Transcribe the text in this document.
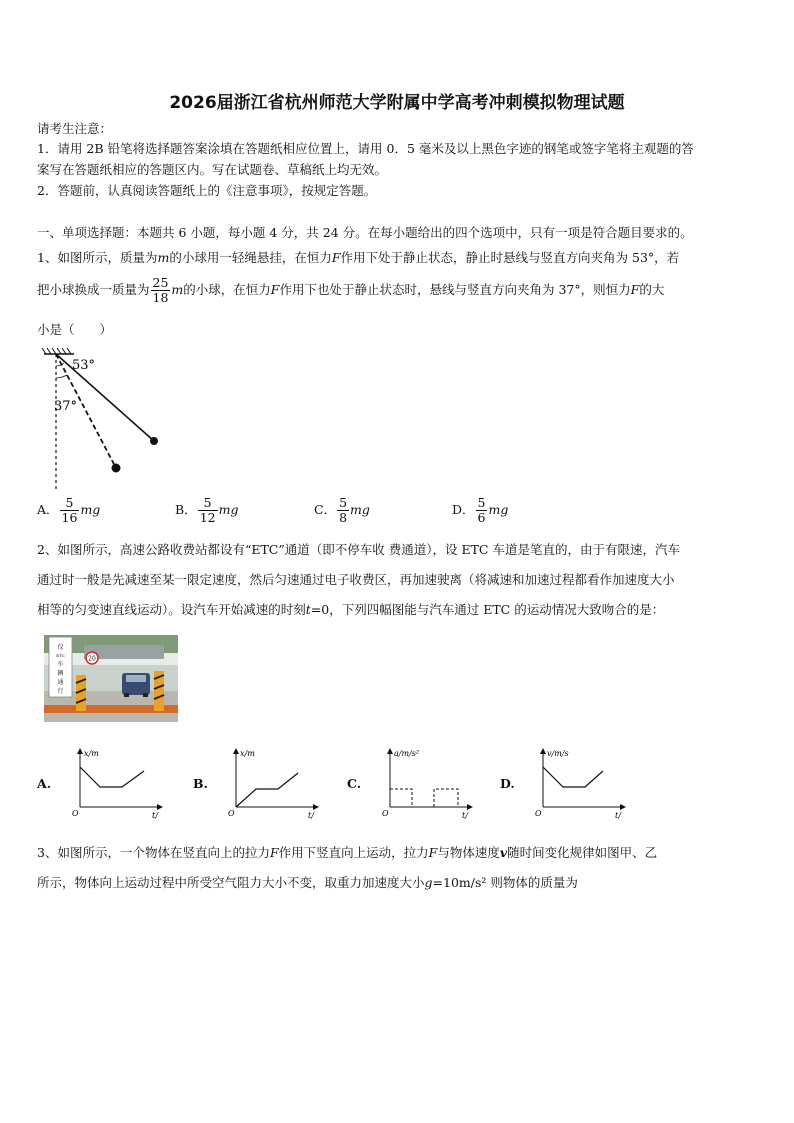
2026届浙江省杭州师范大学附属中学高考冲刺模拟物理试题
请考生注意：
1．请用 2B 铅笔将选择题答案涂填在答题纸相应位置上，请用 0．5 毫米及以上黑色字迹的钢笔或签字笔将主观题的答
案写在答题纸相应的答题区内。写在试题卷、草稿纸上均无效。
2．答题前，认真阅读答题纸上的《注意事项》，按规定答题。
一、单项选择题：本题共 6 小题，每小题 4 分，共 24 分。在每小题给出的四个选项中，只有一项是符合题目要求的。
1、如图所示，质量为m的小球用一轻绳悬挂，在恒力F作用下处于静止状态，静止时悬线与竖直方向夹角为 53°，若
把小球换成一质量为 $\frac{25}{18}$ m的小球，在恒力F作用下也处于静止状态时，悬线与竖直方向夹角为 37°，则恒力F的大
小是（　　）
53°
37°
A． $\frac{5}{16}$ mg	B． $\frac{5}{12}$ mg	C． $\frac{5}{8}$ mg	D． $\frac{5}{6}$ mg
2、如图所示，高速公路收费站都设有“ETC”通道（即不停车收 费通道），设 ETC 车道是笔直的，由于有限速，汽车
通过时一般是先减速至某一限定速度，然后匀速通过电子收费区，再加速驶离（将减速和加速过程都看作加速度大小
相等的匀变速直线运动）。设汽车开始减速的时刻t=0，下列四幅图能与汽车通过 ETC 的运动情况大致吻合的是：
仅
ETC
车
辆
通
行
20
A.
x/m
t/
O
B.
x/m
t/
O
C.
a/m/s²
t/
O
D.
v/m/s
t/
O
3、如图所示，一个物体在竖直向上的拉力F作用下竖直向上运动，拉力F与物体速度v随时间变化规律如图甲、乙
所示，物体向上运动过程中所受空气阻力大小不变，取重力加速度大小g=10m/s² 则物体的质量为
